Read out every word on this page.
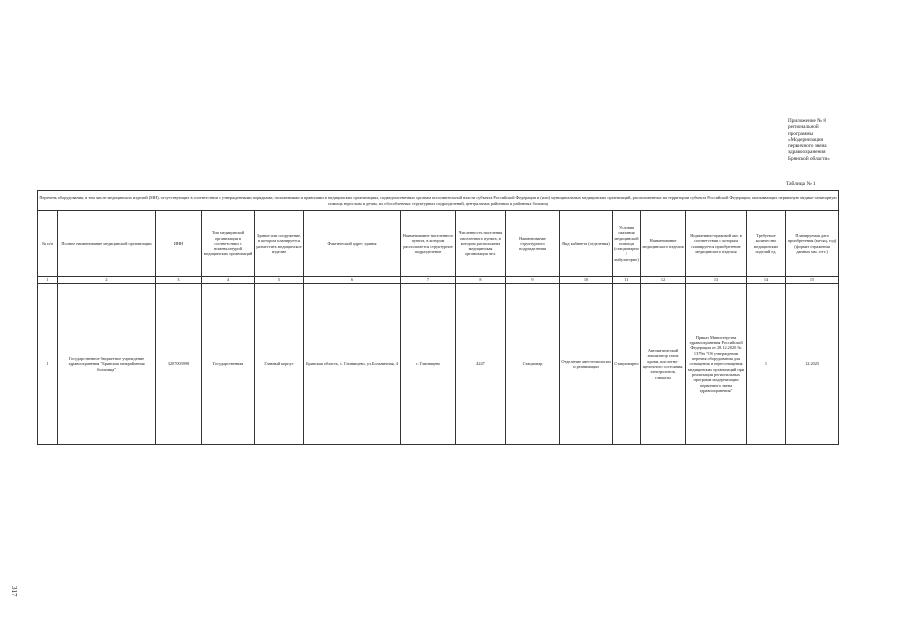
Приложение № 8
региональной
программы
«Модернизация
первичного звена
здравоохранения
Брянской области»
Таблица № 1
Перечень оборудования, в том числе медицинских изделий (МИ), отсутствующих в соответствии с утвержденными порядками, положениями и правилами в медицинских организациях, подведомственных органам исполнительной власти субъекта Российской Федерации и (или) муниципальных медицинских организаций, расположенных на территории субъекта Российской Федерации, оказывающих первичную медико-санитарную помощь взрослым и детям, их обособленных структурных подразделений, центральных районных и районных больниц														
№ п/п	Полное наименование медицинской организации	ИНН	Тип медицинской организации в соответствии с номенклатурой медицинских организаций	Здание или сооружение, в котором планируется разместить медицинское изделие	Фактический адрес здания	Наименование населенного пункта, в котором располагается структурное подразделение	Численность населения населенного пункта, в котором расположена медицинская организация чел.	Наименование структурного подразделения	Вид кабинета (отделения)	Условия оказания медицинской помощи (стационарно/амбулаторно)	Наименование медицинского изделия	Нормативно-правовой акт, в соответствии с которым планируется приобретение медицинского изделия	Требуемое количество медицинских изделий ед.	Планируемая дата приобретения (месяц, год) (формат отражения данных мм. гггг.)
1	2	3	4	5	6	7	8	9	10	11	12	13	14	15
1	Государственное бюджетное учреждение здравоохранения "Брянская межрайонная больница"	3207003998	Государственная	Главный корпус	Брянская область, с. Глинищево, ул.Больничная, 4	с. Глинищево	4247	Стационар	Отделение анестезиологии и реанимации	Стационарно	Автоматический анализатор газов крови, кислотно-щелочного состояния, электролитов, глюкозы	Приказ Министерства здравоохранения Российской Федерации от 28.12.2020 № 1379н "Об утверждении перечня оборудования для оснащения и переоснащения медицинских организаций при реализации региональных программ модернизации первичного звена здравоохранения"	1	12.2025
317
